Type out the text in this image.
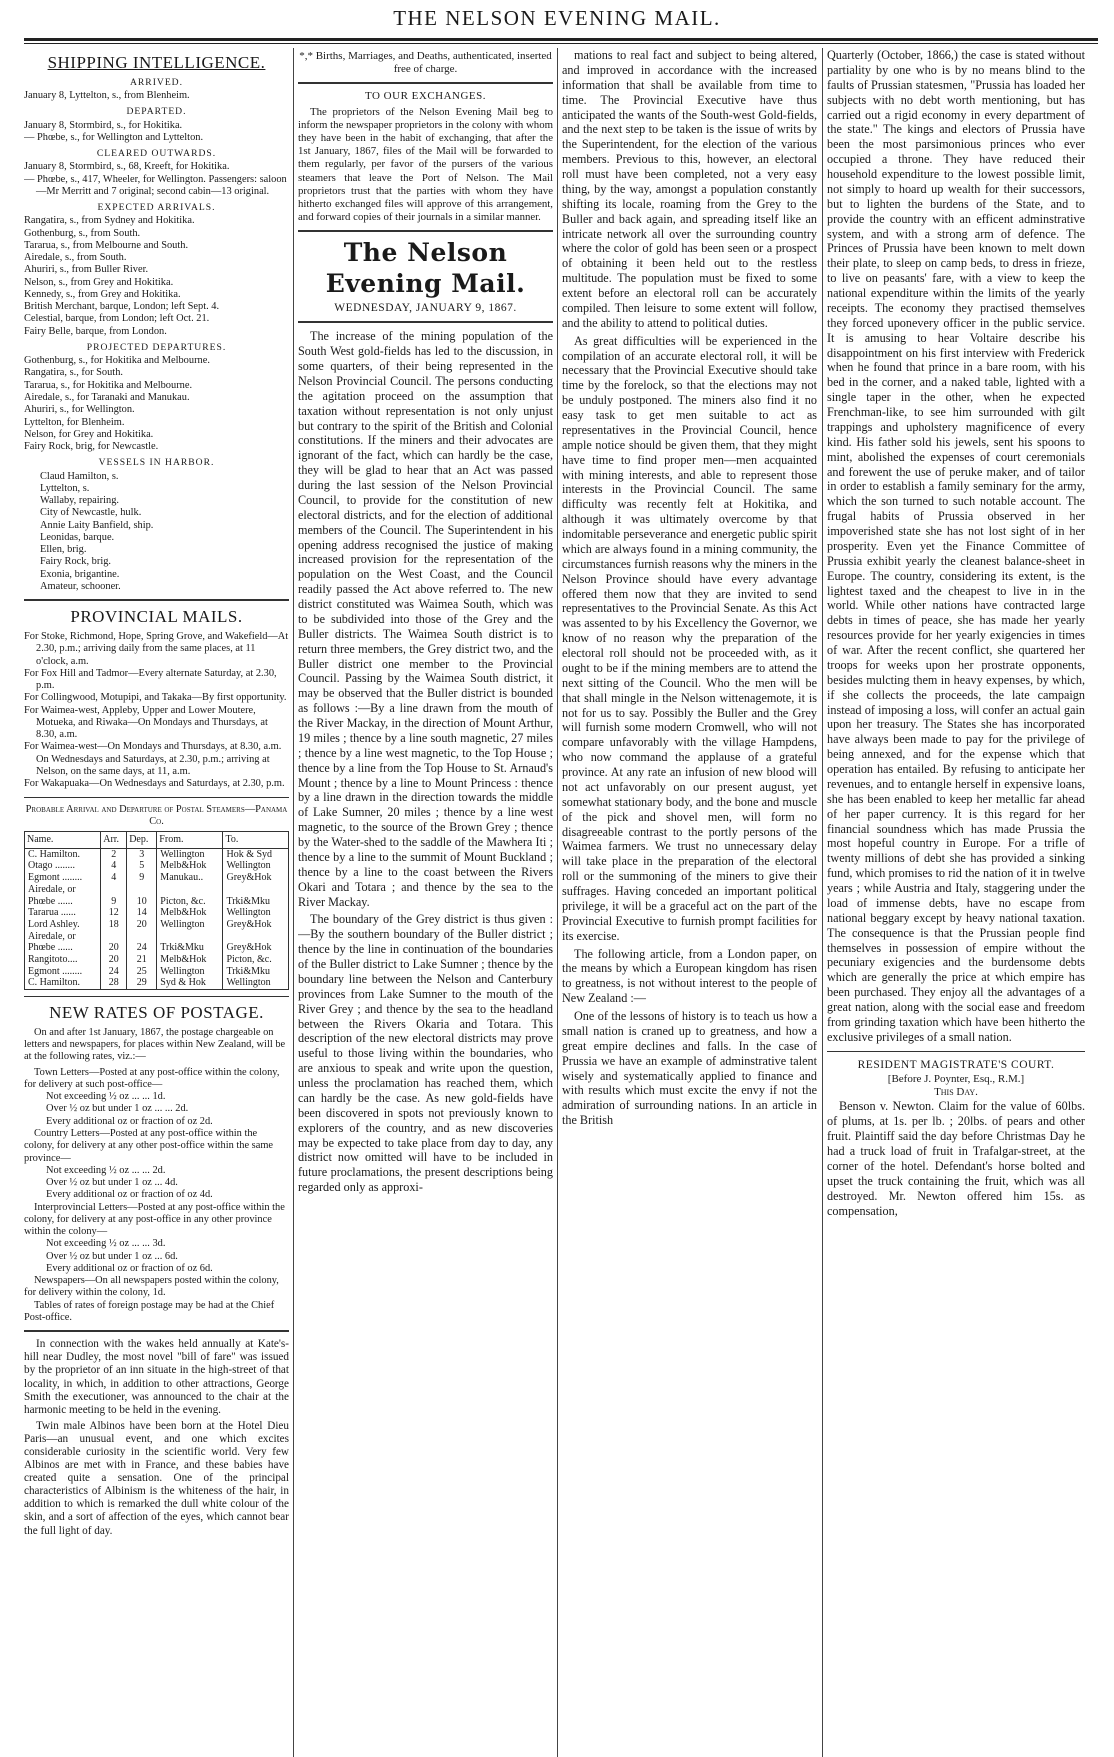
THE NELSON EVENING MAIL.
SHIPPING INTELLIGENCE.
ARRIVED.
January 8, Lyttelton, s., from Blenheim.
DEPARTED.
January 8, Stormbird, s., for Hokitika.
— Phœbe, s., for Wellington and Lyttelton.
CLEARED OUTWARDS.
January 8, Stormbird, s., 68, Kreeft, for Hokitika.
— Phœbe, s., 417, Wheeler, for Wellington. Passengers: saloon—Mr Merritt and 7 original; second cabin—13 original.
EXPECTED ARRIVALS.
Rangatira, s., from Sydney and Hokitika.
Gothenburg, s., from South.
Tararua, s., from Melbourne and South.
Airedale, s., from South.
Ahuriri, s., from Buller River.
Nelson, s., from Grey and Hokitika.
Kennedy, s., from Grey and Hokitika.
British Merchant, barque, London; left Sept. 4.
Celestial, barque, from London; left Oct. 21.
Fairy Belle, barque, from London.
PROJECTED DEPARTURES.
Gothenburg, s., for Hokitika and Melbourne.
Rangatira, s., for South.
Tararua, s., for Hokitika and Melbourne.
Airedale, s., for Taranaki and Manukau.
Ahuriri, s., for Wellington.
Lyttelton, for Blenheim.
Nelson, for Grey and Hokitika.
Fairy Rock, brig, for Newcastle.
VESSELS IN HARBOR.
Claud Hamilton, s.
Lyttelton, s.
Wallaby, repairing.
City of Newcastle, hulk.
Annie Laity Banfield, ship.
Leonidas, barque.
Ellen, brig.
Fairy Rock, brig.
Exonia, brigantine.
Amateur, schooner.
PROVINCIAL MAILS.
For Stoke, Richmond, Hope, Spring Grove, and Wakefield—At 2.30, p.m.; arriving daily from the same places, at 11 o'clock, a.m.
For Fox Hill and Tadmor—Every alternate Saturday, at 2.30, p.m.
For Collingwood, Motupipi, and Takaka—By first opportunity.
For Waimea-west, Appleby, Upper and Lower Moutere, Motueka, and Riwaka—On Mondays and Thursdays, at 8.30, a.m.
For Waimea-west—On Mondays and Thursdays, at 8.30, a.m. On Wednesdays and Saturdays, at 2.30, p.m.; arriving at Nelson, on the same days, at 11, a.m.
For Wakapuaka—On Wednesdays and Saturdays, at 2.30, p.m.
Probable Arrival and Departure of Postal Steamers—Panama Co.
Name.	Arr.	Dep.	From.	To.
C. Hamilton.	2	3	Wellington	Hok & Syd
Otago ........	4	5	Melb&Hok	Wellington
Egmont ........	4	9	Manukau..	Grey&Hok
Airedale, or				
Phœbe ......	9	10	Picton, &c.	Trki&Mku
Tararua ......	12	14	Melb&Hok	Wellington
Lord Ashley.	18	20	Wellington	Grey&Hok
Airedale, or				
Phœbe ......	20	24	Trki&Mku	Grey&Hok
Rangitoto....	20	21	Melb&Hok	Picton, &c.
Egmont ........	24	25	Wellington	Trki&Mku
C. Hamilton.	28	29	Syd & Hok	Wellington
NEW RATES OF POSTAGE.

On and after 1st January, 1867, the postage chargeable on letters and newspapers, for places within New Zealand, will be at the following rates, viz.:—

Town Letters—Posted at any post-office within the colony, for delivery at such post-office—
Not exceeding ½ oz ... ... 1d.
Over ½ oz but under 1 oz ... ... 2d.
Every additional oz or fraction of oz 2d.
Country Letters—Posted at any post-office within the colony, for delivery at any other post-office within the same province—
Not exceeding ½ oz ... ... 2d.
Over ½ oz but under 1 oz ... 4d.
Every additional oz or fraction of oz 4d.
Interprovincial Letters—Posted at any post-office within the colony, for delivery at any post-office in any other province within the colony—
Not exceeding ½ oz ... ... 3d.
Over ½ oz but under 1 oz ... 6d.
Every additional oz or fraction of oz 6d.
Newspapers—On all newspapers posted within the colony, for delivery within the colony, 1d.
Tables of rates of foreign postage may be had at the Chief Post-office.

In connection with the wakes held annually at Kate's-hill near Dudley, the most novel "bill of fare" was issued by the proprietor of an inn situate in the high-street of that locality, in which, in addition to other attractions, George Smith the executioner, was announced to the chair at the harmonic meeting to be held in the evening.

Twin male Albinos have been born at the Hotel Dieu Paris—an unusual event, and one which excites considerable curiosity in the scientific world. Very few Albinos are met with in France, and these babies have created quite a sensation. One of the principal characteristics of Albinism is the whiteness of the hair, in addition to which is remarked the dull white colour of the skin, and a sort of affection of the eyes, which cannot bear the full light of day.

*,* Births, Marriages, and Deaths, authenticated, inserted free of charge.
TO OUR EXCHANGES.

The proprietors of the Nelson Evening Mail beg to inform the newspaper proprietors in the colony with whom they have been in the habit of exchanging, that after the 1st January, 1867, files of the Mail will be forwarded to them regularly, per favor of the pursers of the various steamers that leave the Port of Nelson. The Mail proprietors trust that the parties with whom they have hitherto exchanged files will approve of this arrangement, and forward copies of their journals in a similar manner.

The Nelson Evening Mail.
WEDNESDAY, JANUARY 9, 1867.

The increase of the mining population of the South West gold-fields has led to the discussion, in some quarters, of their being represented in the Nelson Provincial Council. The persons conducting the agitation proceed on the assumption that taxation without representation is not only unjust but contrary to the spirit of the British and Colonial constitutions. If the miners and their advocates are ignorant of the fact, which can hardly be the case, they will be glad to hear that an Act was passed during the last session of the Nelson Provincial Council, to provide for the constitution of new electoral districts, and for the election of additional members of the Council. The Superintendent in his opening address recognised the justice of making increased provision for the representation of the population on the West Coast, and the Council readily passed the Act above referred to. The new district constituted was Waimea South, which was to be subdivided into those of the Grey and the Buller districts. The Waimea South district is to return three members, the Grey district two, and the Buller district one member to the Provincial Council. Passing by the Waimea South district, it may be observed that the Buller district is bounded as follows :—By a line drawn from the mouth of the River Mackay, in the direction of Mount Arthur, 19 miles ; thence by a line south magnetic, 27 miles ; thence by a line west magnetic, to the Top House ; thence by a line from the Top House to St. Arnaud's Mount ; thence by a line to Mount Princess : thence by a line drawn in the direction towards the middle of Lake Sumner, 20 miles ; thence by a line west magnetic, to the source of the Brown Grey ; thence by the Water-shed to the saddle of the Mawhera Iti ; thence by a line to the summit of Mount Buckland ; thence by a line to the coast between the Rivers Okari and Totara ; and thence by the sea to the River Mackay.

The boundary of the Grey district is thus given :—By the southern boundary of the Buller district ; thence by the line in continuation of the boundaries of the Buller district to Lake Sumner ; thence by the boundary line between the Nelson and Canterbury provinces from Lake Sumner to the mouth of the River Grey ; and thence by the sea to the headland between the Rivers Okaria and Totara. This description of the new electoral districts may prove useful to those living within the boundaries, who are anxious to speak and write upon the question, unless the proclamation has reached them, which can hardly be the case. As new gold-fields have been discovered in spots not previously known to explorers of the country, and as new discoveries may be expected to take place from day to day, any district now omitted will have to be included in future proclamations, the present descriptions being regarded only as approxi-

mations to real fact and subject to being altered, and improved in accordance with the increased information that shall be available from time to time. The Provincial Executive have thus anticipated the wants of the South-west Gold-fields, and the next step to be taken is the issue of writs by the Superintendent, for the election of the various members. Previous to this, however, an electoral roll must have been completed, not a very easy thing, by the way, amongst a population constantly shifting its locale, roaming from the Grey to the Buller and back again, and spreading itself like an intricate network all over the surrounding country where the color of gold has been seen or a prospect of obtaining it been held out to the restless multitude. The population must be fixed to some extent before an electoral roll can be accurately compiled. Then leisure to some extent will follow, and the ability to attend to political duties.

As great difficulties will be experienced in the compilation of an accurate electoral roll, it will be necessary that the Provincial Executive should take time by the forelock, so that the elections may not be unduly postponed. The miners also find it no easy task to get men suitable to act as representatives in the Provincial Council, hence ample notice should be given them, that they might have time to find proper men—men acquainted with mining interests, and able to represent those interests in the Provincial Council. The same difficulty was recently felt at Hokitika, and although it was ultimately overcome by that indomitable perseverance and energetic public spirit which are always found in a mining community, the circumstances furnish reasons why the miners in the Nelson Province should have every advantage offered them now that they are invited to send representatives to the Provincial Senate. As this Act was assented to by his Excellency the Governor, we know of no reason why the preparation of the electoral roll should not be proceeded with, as it ought to be if the mining members are to attend the next sitting of the Council. Who the men will be that shall mingle in the Nelson wittenagemote, it is not for us to say. Possibly the Buller and the Grey will furnish some modern Cromwell, who will not compare unfavorably with the village Hampdens, who now command the applause of a grateful province. At any rate an infusion of new blood will not act unfavorably on our present august, yet somewhat stationary body, and the bone and muscle of the pick and shovel men, will form no disagreeable contrast to the portly persons of the Waimea farmers. We trust no unnecessary delay will take place in the preparation of the electoral roll or the summoning of the miners to give their suffrages. Having conceded an important political privilege, it will be a graceful act on the part of the Provincial Executive to furnish prompt facilities for its exercise.

The following article, from a London paper, on the means by which a European kingdom has risen to greatness, is not without interest to the people of New Zealand :—

One of the lessons of history is to teach us how a small nation is craned up to greatness, and how a great empire declines and falls. In the case of Prussia we have an example of adminstrative talent wisely and systematically applied to finance and with results which must excite the envy if not the admiration of surrounding nations. In an article in the British

Quarterly (October, 1866,) the case is stated without partiality by one who is by no means blind to the faults of Prussian statesmen, "Prussia has loaded her subjects with no debt worth mentioning, but has carried out a rigid economy in every department of the state." The kings and electors of Prussia have been the most parsimonious princes who ever occupied a throne. They have reduced their household expenditure to the lowest possible limit, not simply to hoard up wealth for their successors, but to lighten the burdens of the State, and to provide the country with an efficent adminstrative system, and with a strong arm of defence. The Princes of Prussia have been known to melt down their plate, to sleep on camp beds, to dress in frieze, to live on peasants' fare, with a view to keep the national expenditure within the limits of the yearly receipts. The economy they practised themselves they forced uponevery officer in the public service. It is amusing to hear Voltaire describe his disappointment on his first interview with Frederick when he found that prince in a bare room, with his bed in the corner, and a naked table, lighted with a single taper in the other, when he expected Frenchman-like, to see him surrounded with gilt trappings and upholstery magnificence of every kind. His father sold his jewels, sent his spoons to mint, abolished the expenses of court ceremonials and forewent the use of peruke maker, and of tailor in order to establish a family seminary for the army, which the son turned to such notable account. The frugal habits of Prussia observed in her impoverished state she has not lost sight of in her prosperity. Even yet the Finance Committee of Prussia exhibit yearly the cleanest balance-sheet in Europe. The country, considering its extent, is the lightest taxed and the cheapest to live in in the world. While other nations have contracted large debts in times of peace, she has made her yearly resources provide for her yearly exigencies in times of war. After the recent conflict, she quartered her troops for weeks upon her prostrate opponents, besides mulcting them in heavy expenses, by which, if she collects the proceeds, the late campaign instead of imposing a loss, will confer an actual gain upon her treasury. The States she has incorporated have always been made to pay for the privilege of being annexed, and for the expense which that operation has entailed. By refusing to anticipate her revenues, and to entangle herself in expensive loans, she has been enabled to keep her metallic far ahead of her paper currency. It is this regard for her financial soundness which has made Prussia the most hopeful country in Europe. For a trifle of twenty millions of debt she has provided a sinking fund, which promises to rid the nation of it in twelve years ; while Austria and Italy, staggering under the load of immense debts, have no escape from national beggary except by heavy national taxation. The consequence is that the Prussian people find themselves in possession of empire without the pecuniary exigencies and the burdensome debts which are generally the price at which empire has been purchased. They enjoy all the advantages of a great nation, along with the social ease and freedom from grinding taxation which have been hitherto the exclusive privileges of a small nation.

RESIDENT MAGISTRATE'S COURT.
[Before J. Poynter, Esq., R.M.]
This Day.

Benson v. Newton. Claim for the value of 60lbs. of plums, at 1s. per lb. ; 20lbs. of pears and other fruit. Plaintiff said the day before Christmas Day he had a truck load of fruit in Trafalgar-street, at the corner of the hotel. Defendant's horse bolted and upset the truck containing the fruit, which was all destroyed. Mr. Newton offered him 15s. as compensation,
